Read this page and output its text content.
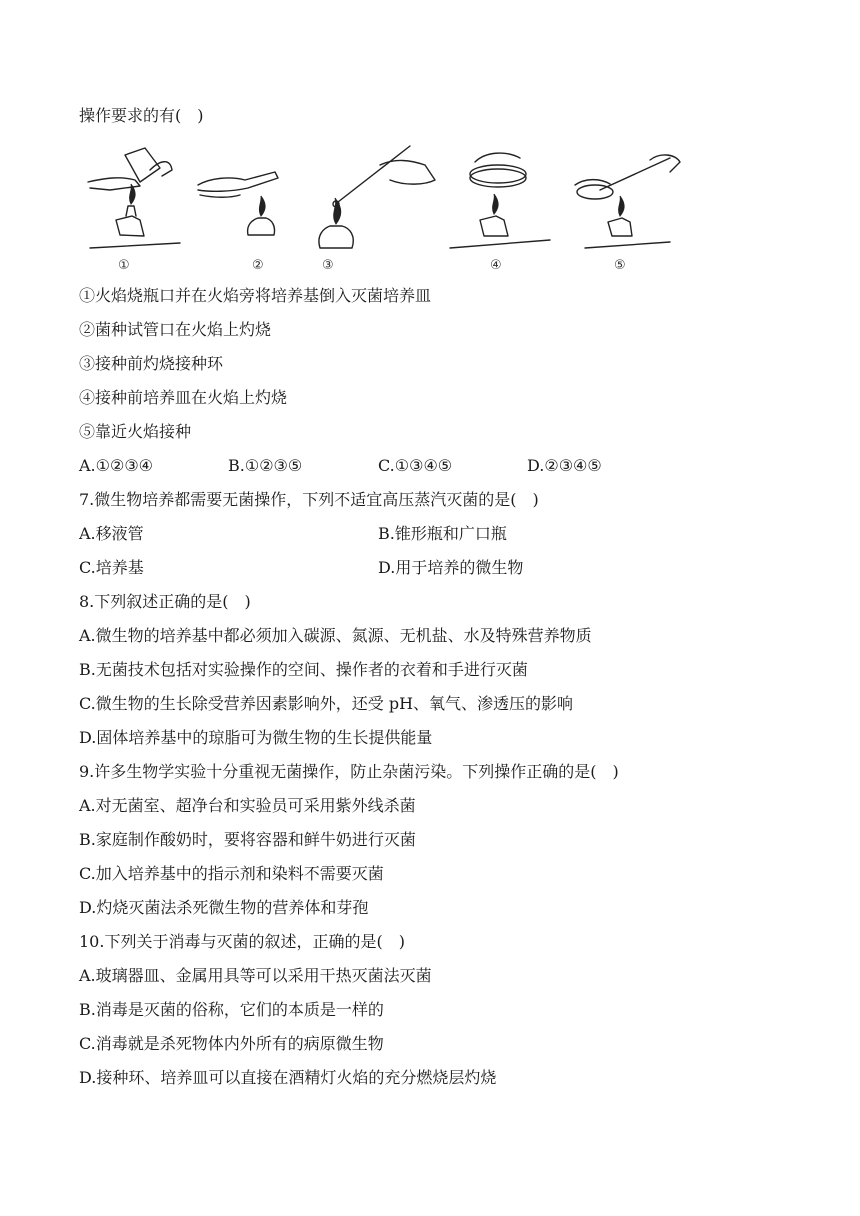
操作要求的有(　)
①	②	③	④	⑤
①火焰烧瓶口并在火焰旁将培养基倒入灭菌培养皿
②菌种试管口在火焰上灼烧
③接种前灼烧接种环
④接种前培养皿在火焰上灼烧
⑤靠近火焰接种
A.①②③④	B.①②③⑤	C.①③④⑤	D.②③④⑤
7.微生物培养都需要无菌操作，下列不适宜高压蒸汽灭菌的是(　)
A.移液管	B.锥形瓶和广口瓶
C.培养基	D.用于培养的微生物
8.下列叙述正确的是(　)
A.微生物的培养基中都必须加入碳源、氮源、无机盐、水及特殊营养物质
B.无菌技术包括对实验操作的空间、操作者的衣着和手进行灭菌
C.微生物的生长除受营养因素影响外，还受 pH、氧气、渗透压的影响
D.固体培养基中的琼脂可为微生物的生长提供能量
9.许多生物学实验十分重视无菌操作，防止杂菌污染。下列操作正确的是(　)
A.对无菌室、超净台和实验员可采用紫外线杀菌
B.家庭制作酸奶时，要将容器和鲜牛奶进行灭菌
C.加入培养基中的指示剂和染料不需要灭菌
D.灼烧灭菌法杀死微生物的营养体和芽孢
10.下列关于消毒与灭菌的叙述，正确的是(　)
A.玻璃器皿、金属用具等可以采用干热灭菌法灭菌
B.消毒是灭菌的俗称，它们的本质是一样的
C.消毒就是杀死物体内外所有的病原微生物
D.接种环、培养皿可以直接在酒精灯火焰的充分燃烧层灼烧
